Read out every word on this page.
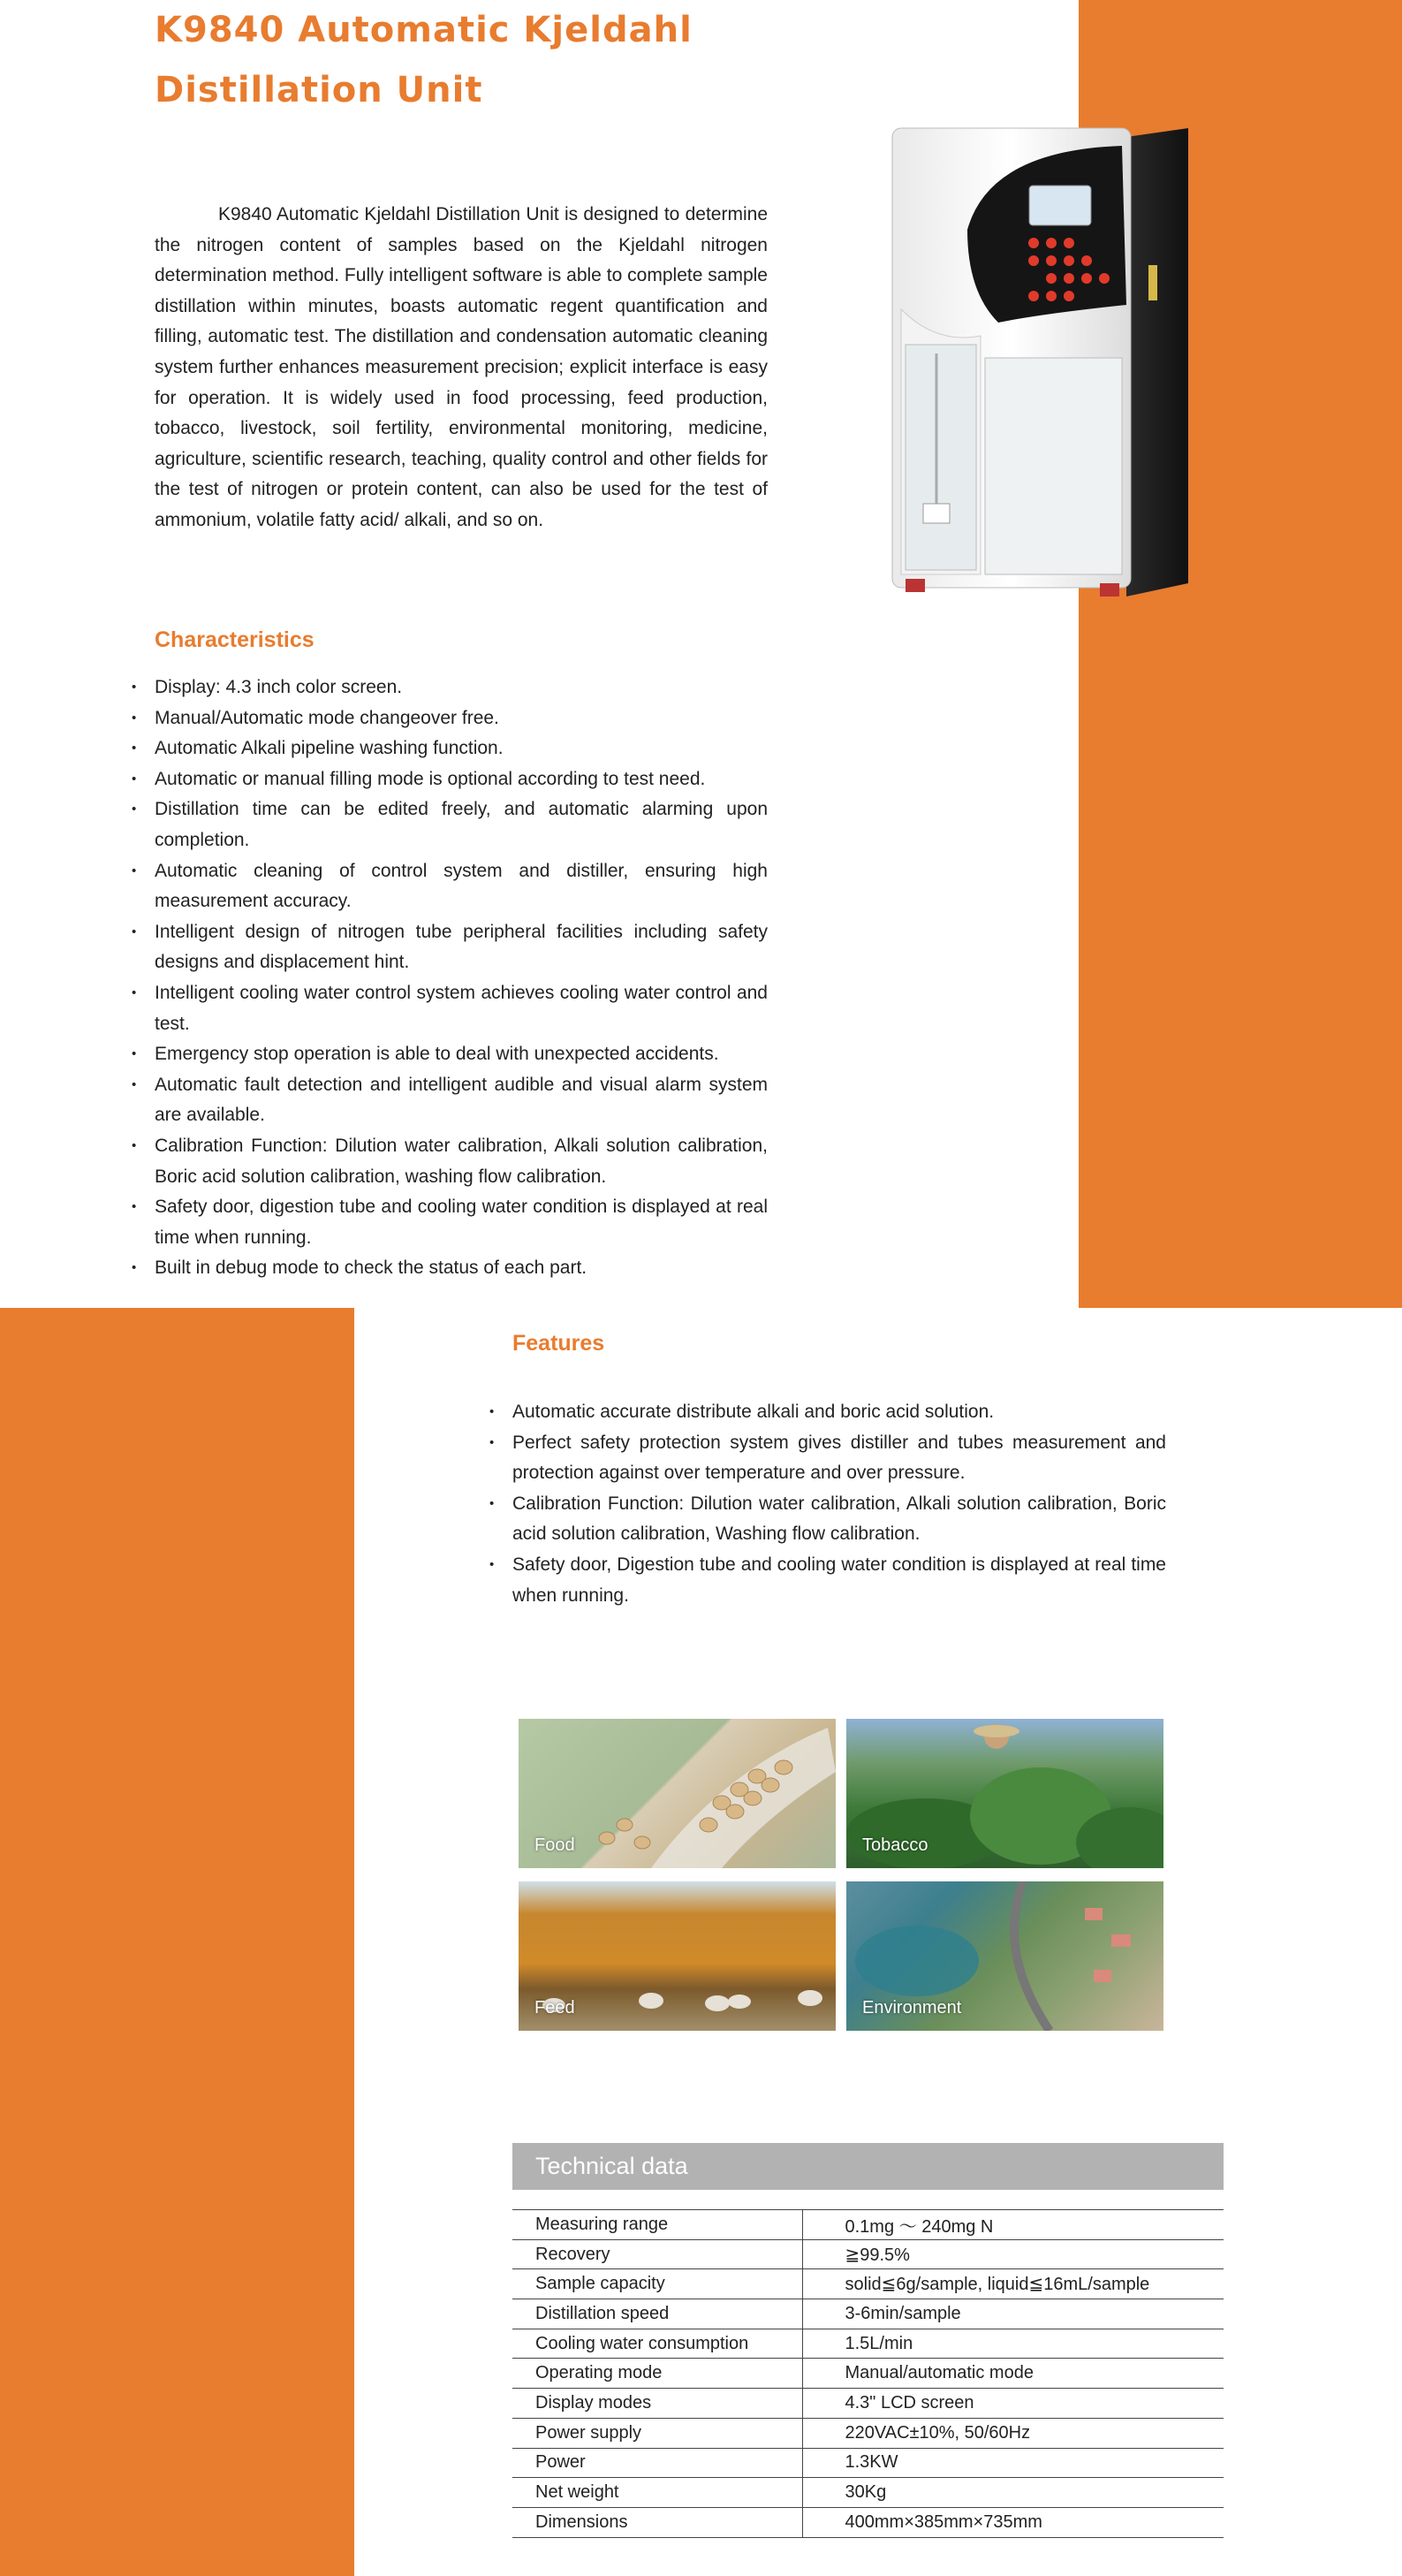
K9840 Automatic Kjeldahl
Distillation Unit

K9840 Automatic Kjeldahl Distillation Unit is designed to determine the nitrogen content of samples based on the Kjeldahl nitrogen determination method. Fully intelligent software is able to complete sample distillation within minutes, boasts automatic regent quantification and filling, automatic test. The distillation and condensation automatic cleaning system further enhances measurement precision; explicit interface is easy for operation. It is widely used in food processing, feed production, tobacco, livestock, soil fertility, environmental monitoring, medicine, agriculture, scientific research, teaching, quality control and other fields for the test of nitrogen or protein content, can also be used for the test of ammonium, volatile fatty acid/ alkali, and so on.

Characteristics
• Display: 4.3 inch color screen.
• Manual/Automatic mode changeover free.
• Automatic Alkali pipeline washing function.
• Automatic or manual filling mode is optional according to test need.
• Distillation time can be edited freely, and automatic alarming upon completion.
• Automatic cleaning of control system and distiller, ensuring high measurement accuracy.
• Intelligent design of nitrogen tube peripheral facilities including safety designs and displacement hint.
• Intelligent cooling water control system achieves cooling water control and test.
• Emergency stop operation is able to deal with unexpected accidents.
• Automatic fault detection and intelligent audible and visual alarm system are available.
• Calibration Function: Dilution water calibration, Alkali solution calibration, Boric acid solution calibration, washing flow calibration.
• Safety door, digestion tube and cooling water condition is displayed at real time when running.
• Built in debug mode to check the status of each part.
Features
• Automatic accurate distribute alkali and boric acid solution.
• Perfect safety protection system gives distiller and tubes measurement and protection against over temperature and over pressure.
• Calibration Function: Dilution water calibration, Alkali solution calibration, Boric acid solution calibration, Washing flow calibration.
• Safety door, Digestion tube and cooling water condition is displayed at real time when running.
Food	Tobacco
Feed	Environment
Technical data
Measuring range	0.1mg ～ 240mg N
Recovery	≧99.5%
Sample capacity	solid≦6g/sample, liquid≦16mL/sample
Distillation speed	3-6min/sample
Cooling water consumption	1.5L/min
Operating mode	Manual/automatic mode
Display modes	4.3" LCD screen
Power supply	220VAC±10%, 50/60Hz
Power	1.3KW
Net weight	30Kg
Dimensions	400mm×385mm×735mm
